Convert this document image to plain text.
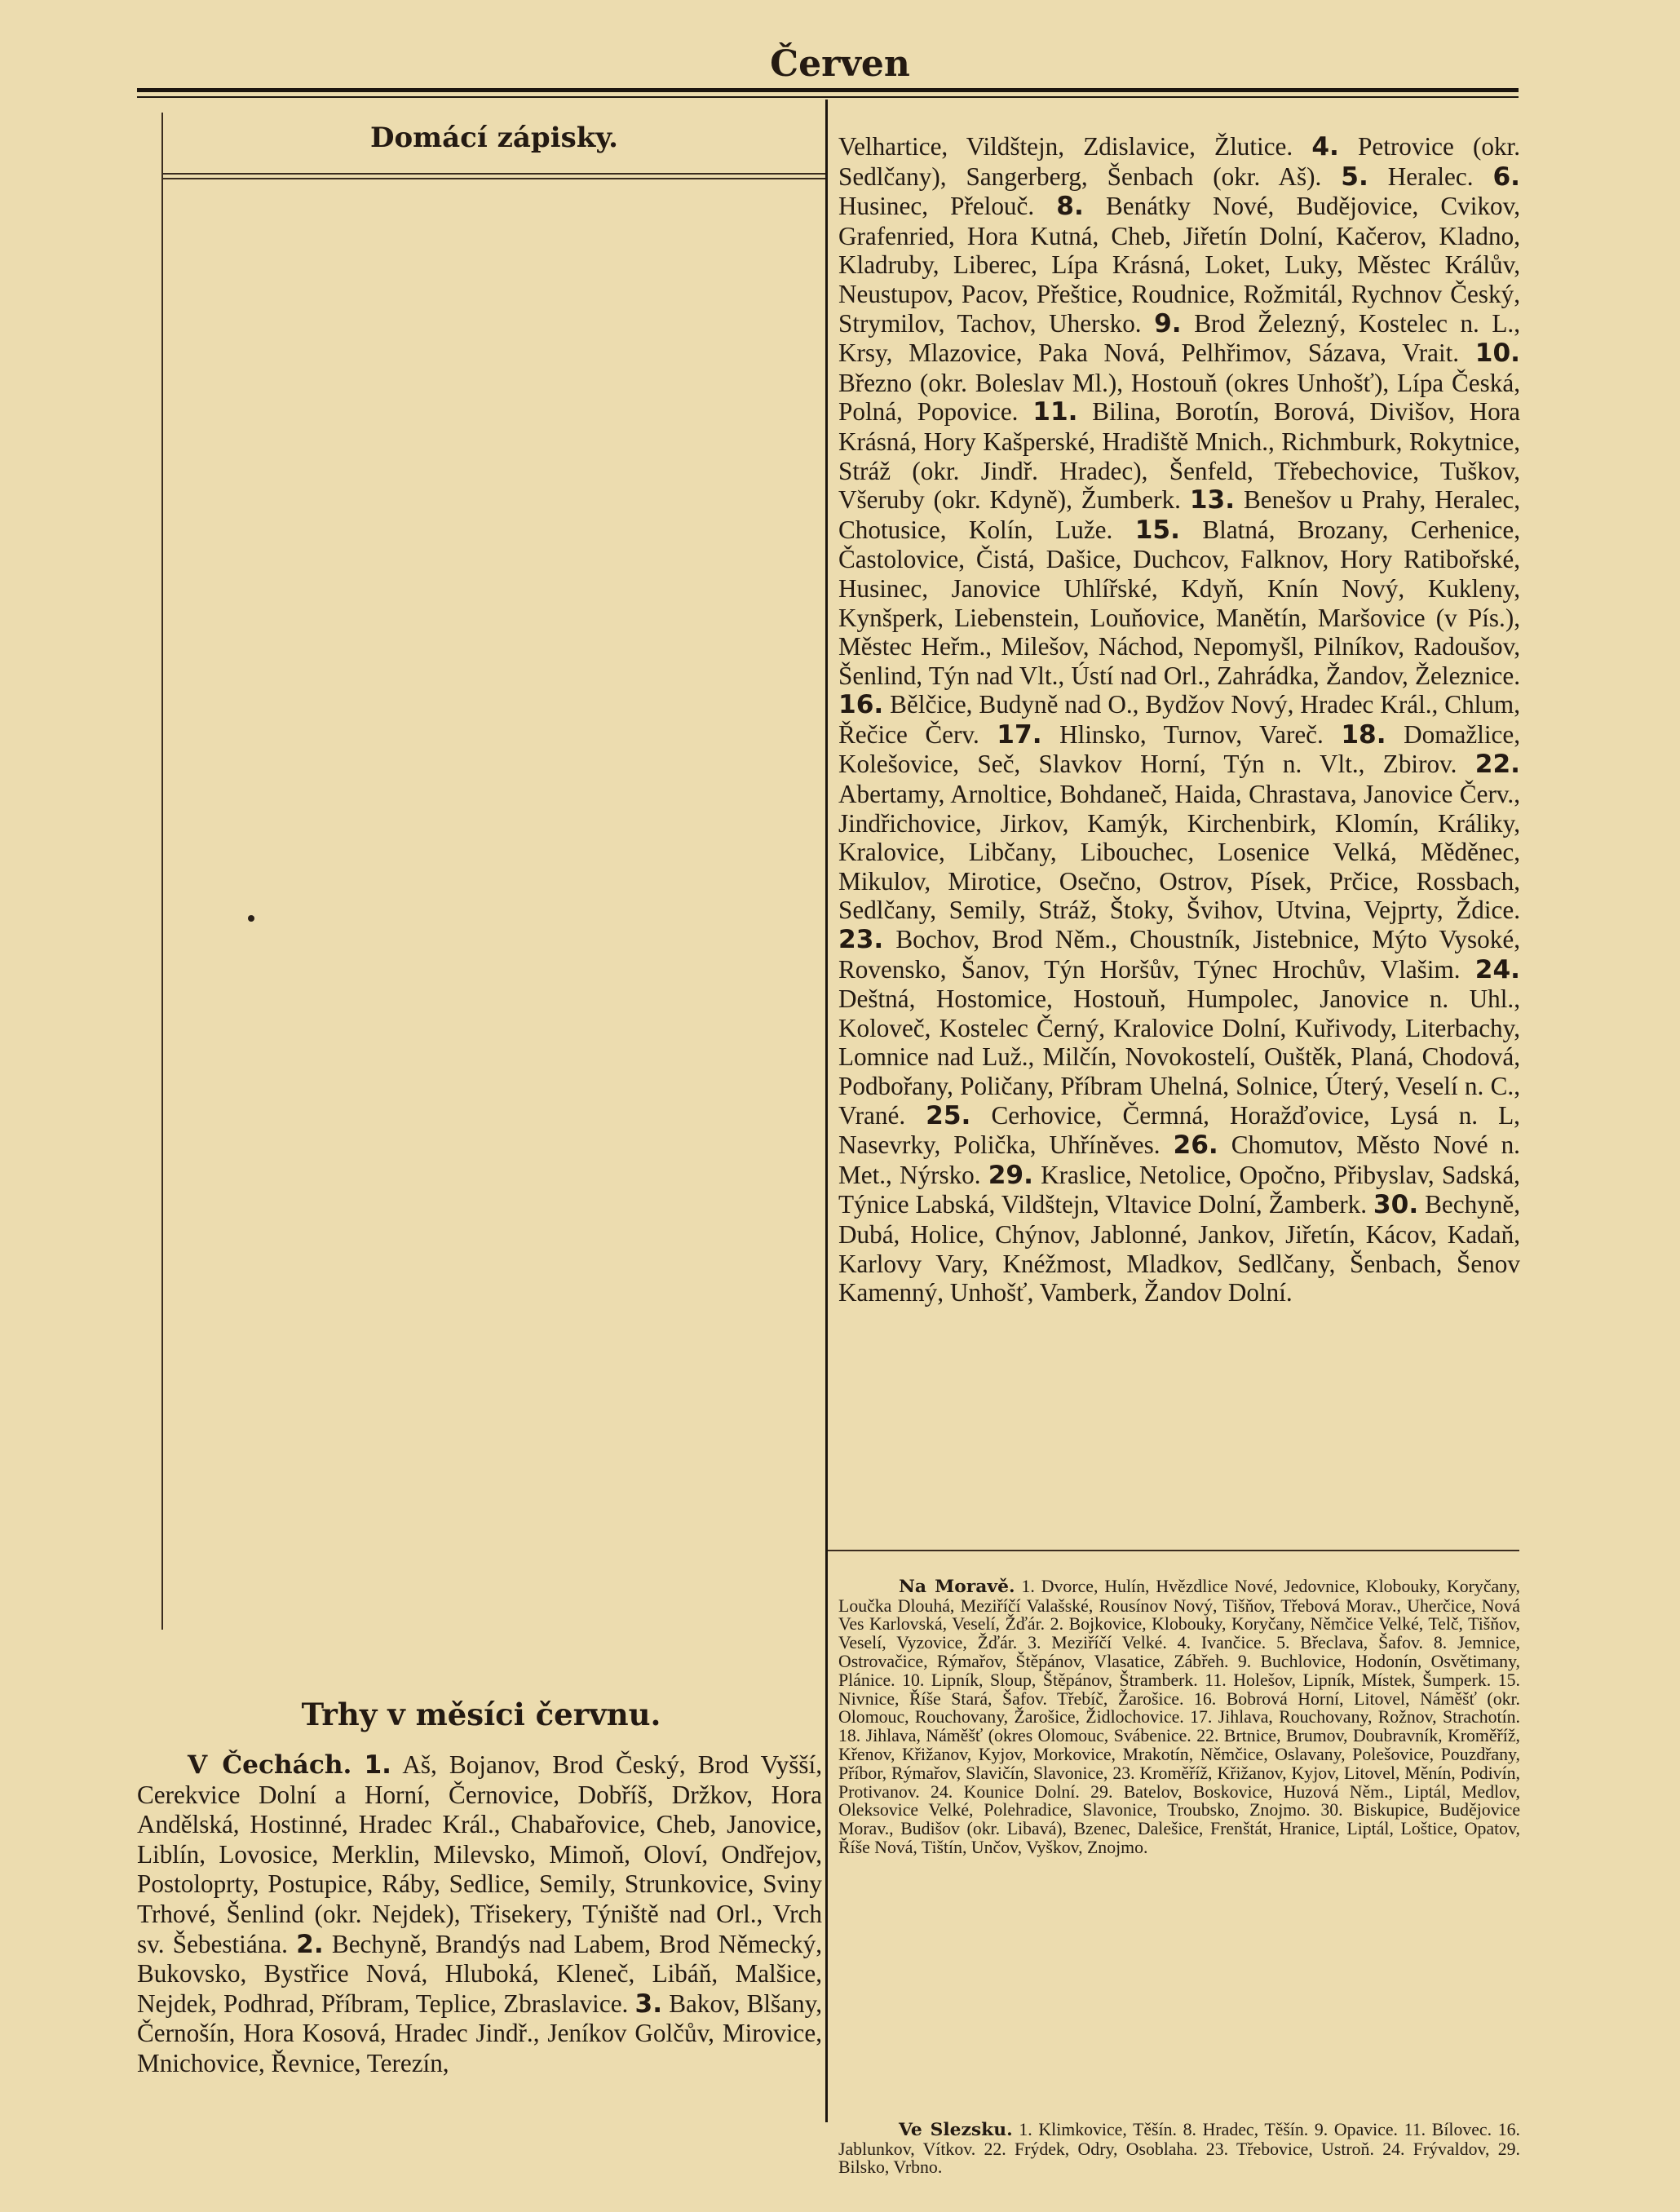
Červen
Domácí zápisky.
Trhy v měsíci červnu.

V Čechách. 1. Aš, Bojanov, Brod Český, Brod Vyšší, Cerekvice Dolní a Horní, Černovice, Dobříš, Držkov, Hora Andělská, Hostinné, Hradec Král., Chabařovice, Cheb, Janovice, Liblín, Lovosice, Merklin, Milevsko, Mimoň, Oloví, Ondřejov, Postoloprty, Postupice, Ráby, Sedlice, Semily, Strunkovice, Sviny Trhové, Šenlind (okr. Nejdek), Třisekery, Týniště nad Orl., Vrch sv. Šebestiána. 2. Bechyně, Brandýs nad Labem, Brod Německý, Bukovsko, Bystřice Nová, Hluboká, Kleneč, Libáň, Malšice, Nejdek, Podhrad, Příbram, Teplice, Zbraslavice. 3. Bakov, Blšany, Černošín, Hora Kosová, Hradec Jindř., Jeníkov Golčův, Mirovice, Mnichovice, Řevnice, Terezín,

Velhartice, Vildštejn, Zdislavice, Žlutice. 4. Petrovice (okr. Sedlčany), Sangerberg, Šenbach (okr. Aš). 5. Heralec. 6. Husinec, Přelouč. 8. Benátky Nové, Budějovice, Cvikov, Grafenried, Hora Kutná, Cheb, Jiřetín Dolní, Kačerov, Kladno, Kladruby, Liberec, Lípa Krásná, Loket, Luky, Městec Králův, Neustupov, Pacov, Přeštice, Roudnice, Rožmitál, Rychnov Český, Strymilov, Tachov, Uhersko. 9. Brod Železný, Kostelec n. L., Krsy, Mlazovice, Paka Nová, Pelhřimov, Sázava, Vrait. 10. Březno (okr. Boleslav Ml.), Hostouň (okres Unhošť), Lípa Česká, Polná, Popovice. 11. Bilina, Borotín, Borová, Divišov, Hora Krásná, Hory Kašperské, Hradiště Mnich., Richmburk, Rokytnice, Stráž (okr. Jindř. Hradec), Šenfeld, Třebechovice, Tuškov, Všeruby (okr. Kdyně), Žumberk. 13. Benešov u Prahy, Heralec, Chotusice, Kolín, Luže. 15. Blatná, Brozany, Cerhenice, Častolovice, Čistá, Dašice, Duchcov, Falknov, Hory Ratibořské, Husinec, Janovice Uhlířské, Kdyň, Knín Nový, Kukleny, Kynšperk, Liebenstein, Louňovice, Manětín, Maršovice (v Pís.), Městec Heřm., Milešov, Náchod, Nepomyšl, Pilníkov, Radoušov, Šenlind, Týn nad Vlt., Ústí nad Orl., Zahrádka, Žandov, Železnice. 16. Bělčice, Budyně nad O., Bydžov Nový, Hradec Král., Chlum, Řečice Červ. 17. Hlinsko, Turnov, Vareč. 18. Domažlice, Kolešovice, Seč, Slavkov Horní, Týn n. Vlt., Zbirov. 22. Abertamy, Arnoltice, Bohdaneč, Haida, Chrastava, Janovice Červ., Jindřichovice, Jirkov, Kamýk, Kirchenbirk, Klomín, Králiky, Kralovice, Libčany, Libouchec, Losenice Velká, Měděnec, Mikulov, Mirotice, Osečno, Ostrov, Písek, Prčice, Rossbach, Sedlčany, Semily, Stráž, Štoky, Švihov, Utvina, Vejprty, Ždice. 23. Bochov, Brod Něm., Choustník, Jistebnice, Mýto Vysoké, Rovensko, Šanov, Týn Horšův, Týnec Hrochův, Vlašim. 24. Deštná, Hostomice, Hostouň, Humpolec, Janovice n. Uhl., Koloveč, Kostelec Černý, Kralovice Dolní, Kuřivody, Literbachy, Lomnice nad Luž., Milčín, Novokostelí, Ouštěk, Planá, Chodová, Podbořany, Poličany, Příbram Uhelná, Solnice, Úterý, Veselí n. C., Vrané. 25. Cerhovice, Čermná, Horažďovice, Lysá n. L, Nasevrky, Polička, Uhříněves. 26. Chomutov, Město Nové n. Met., Nýrsko. 29. Kraslice, Netolice, Opočno, Přibyslav, Sadská, Týnice Labská, Vildštejn, Vltavice Dolní, Žamberk. 30. Bechyně, Dubá, Holice, Chýnov, Jablonné, Jankov, Jiřetín, Kácov, Kadaň, Karlovy Vary, Knéžmost, Mladkov, Sedlčany, Šenbach, Šenov Kamenný, Unhošť, Vamberk, Žandov Dolní.

Na Moravě. 1. Dvorce, Hulín, Hvězdlice Nové, Jedovnice, Klobouky, Koryčany, Loučka Dlouhá, Meziříčí Valašské, Rousínov Nový, Tišňov, Třebová Morav., Uherčice, Nová Ves Karlovská, Veselí, Žďár. 2. Bojkovice, Klobouky, Koryčany, Němčice Velké, Telč, Tišňov, Veselí, Vyzovice, Žďár. 3. Meziříčí Velké. 4. Ivančice. 5. Břeclava, Šafov. 8. Jemnice, Ostrovačice, Rýmařov, Štěpánov, Vlasatice, Zábřeh. 9. Buchlovice, Hodonín, Osvětimany, Plánice. 10. Lipník, Sloup, Štěpánov, Štramberk. 11. Holešov, Lipník, Místek, Šumperk. 15. Nivnice, Říše Stará, Šafov. Třebíč, Žarošice. 16. Bobrová Horní, Litovel, Náměšť (okr. Olomouc, Rouchovany, Žarošice, Židlochovice. 17. Jihlava, Rouchovany, Rožnov, Strachotín. 18. Jihlava, Náměšť (okres Olomouc, Svábenice. 22. Brtnice, Brumov, Doubravník, Kroměříž, Křenov, Křižanov, Kyjov, Morkovice, Mrakotín, Němčice, Oslavany, Polešovice, Pouzdřany, Příbor, Rýmařov, Slavičín, Slavonice, 23. Kroměříž, Křižanov, Kyjov, Litovel, Měnín, Podivín, Protivanov. 24. Kounice Dolní. 29. Batelov, Boskovice, Huzová Něm., Liptál, Medlov, Oleksovice Velké, Polehradice, Slavonice, Troubsko, Znojmo. 30. Biskupice, Budějovice Morav., Budišov (okr. Libavá), Bzenec, Dalešice, Frenštát, Hranice, Liptál, Loštice, Opatov, Říše Nová, Tištín, Unčov, Vyškov, Znojmo.

Ve Slezsku. 1. Klimkovice, Těšín. 8. Hradec, Těšín. 9. Opavice. 11. Bílovec. 16. Jablunkov, Vítkov. 22. Frýdek, Odry, Osoblaha. 23. Třebovice, Ustroň. 24. Frývaldov, 29. Bilsko, Vrbno.
